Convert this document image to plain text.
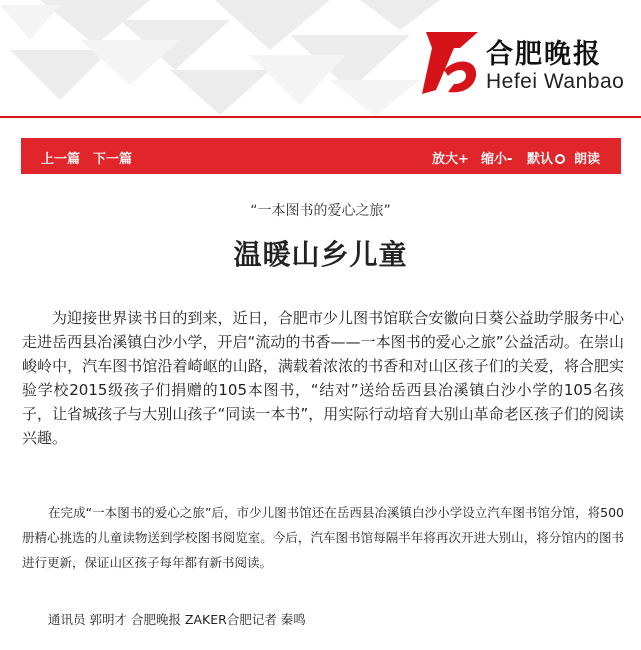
合肥晚报
Hefei Wanbao
上一篇 下一篇	放大+ 缩小- 默认	朗读
“一本图书的爱心之旅”
温暖山乡儿童

为迎接世界读书日的到来，近日，合肥市少儿图书馆联合安徽向日葵公益助学服务中心走进岳西县冶溪镇白沙小学，开启“流动的书香——一本图书的爱心之旅”公益活动。在崇山峻岭中，汽车图书馆沿着崎岖的山路，满载着浓浓的书香和对山区孩子们的关爱，将合肥实验学校2015级孩子们捐赠的105本图书，“结对”送给岳西县冶溪镇白沙小学的105名孩子，让省城孩子与大别山孩子“同读一本书”，用实际行动培育大别山革命老区孩子们的阅读兴趣。

在完成“一本图书的爱心之旅”后，市少儿图书馆还在岳西县冶溪镇白沙小学设立汽车图书馆分馆，将500册精心挑选的儿童读物送到学校图书阅览室。今后，汽车图书馆每隔半年将再次开进大别山，将分馆内的图书进行更新，保证山区孩子每年都有新书阅读。

通讯员 郭明才 合肥晚报 ZAKER合肥记者 秦鸣
